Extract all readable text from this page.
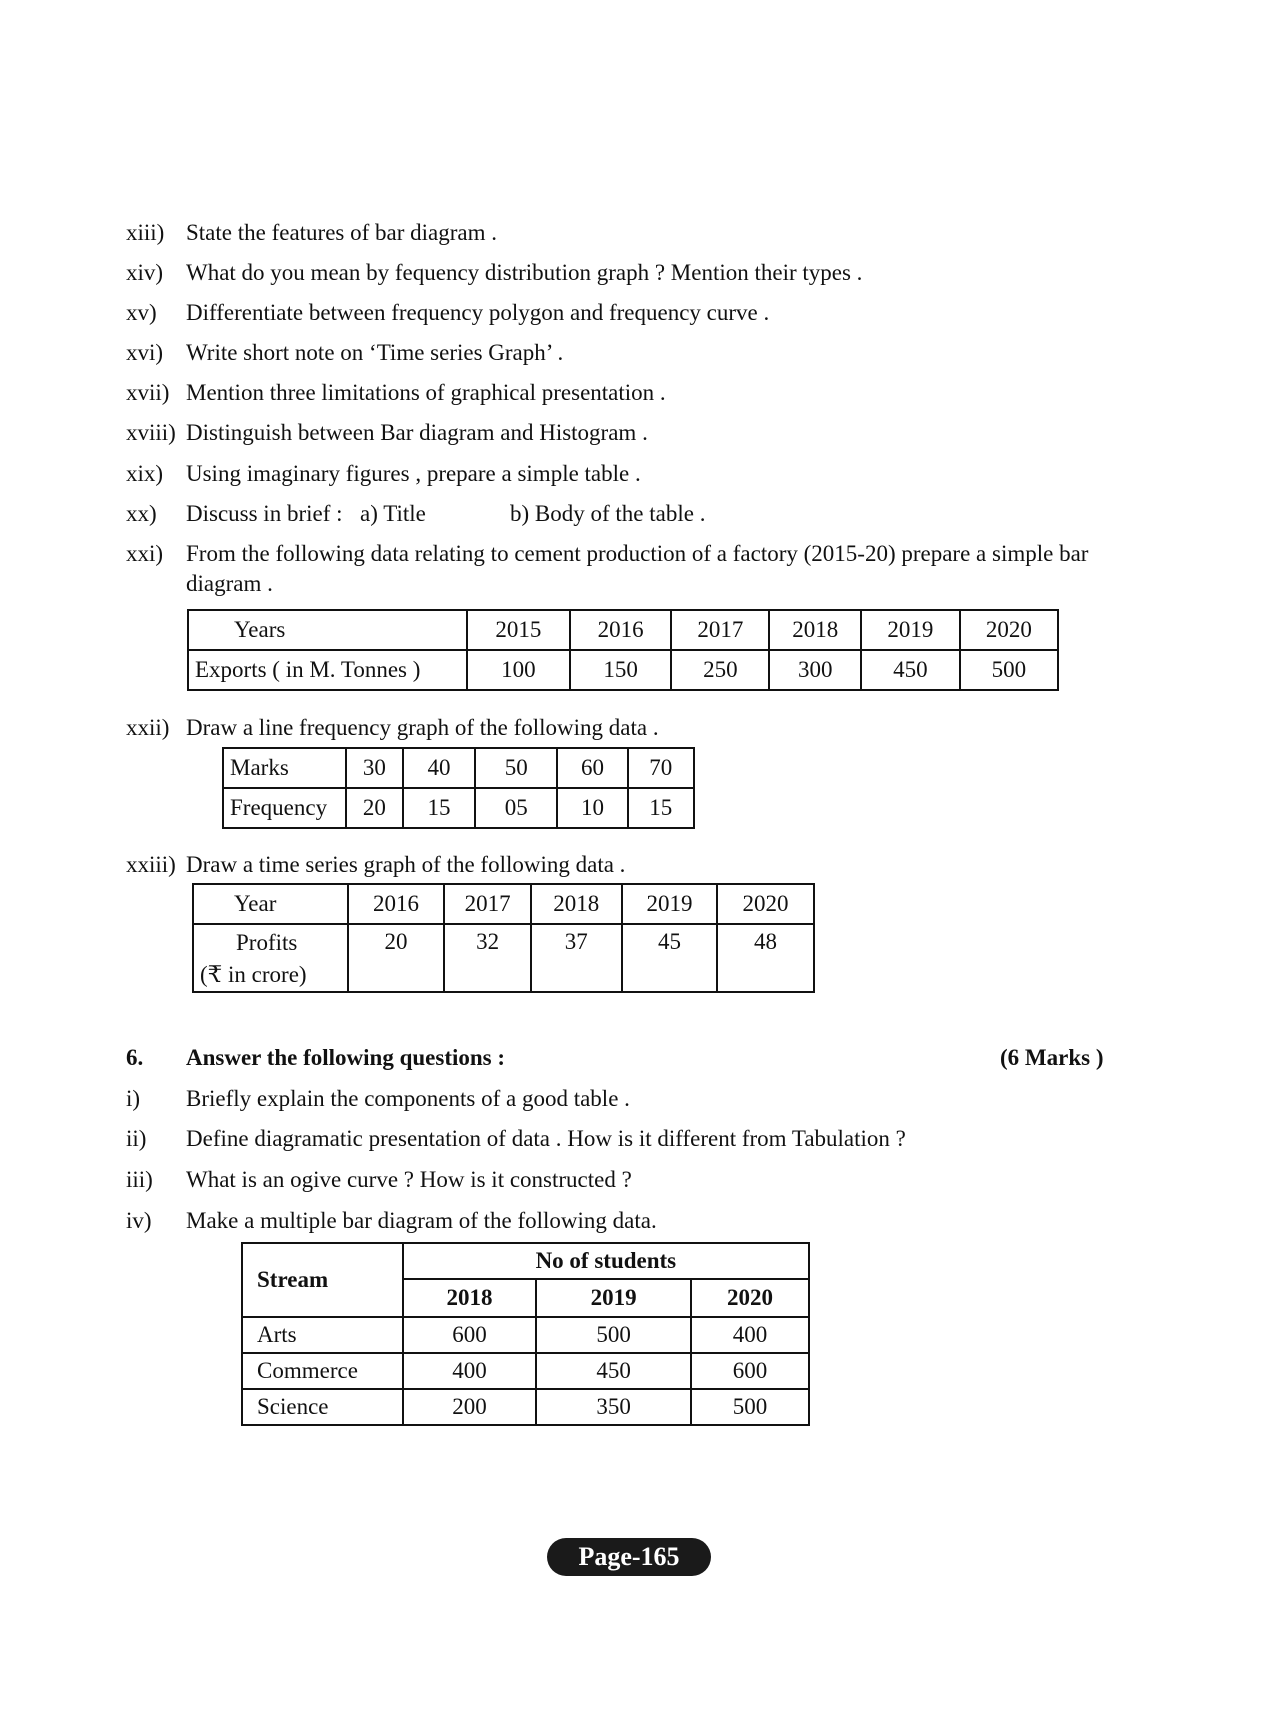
xiii) State the features of bar diagram .
xiv) What do you mean by fequency distribution graph ? Mention their types .
xv) Differentiate between frequency polygon and frequency curve .
xvi) Write short note on ‘Time series Graph’ .
xvii) Mention three limitations of graphical presentation .
xviii) Distinguish between Bar diagram and Histogram .
xix) Using imaginary figures , prepare a simple table .
xx) Discuss in brief : a) Title	b) Body of the table .
xxi) From the following data relating to cement production of a factory (2015-20) prepare a simple bar
diagram .
Years	2015	2016	2017	2018	2019	2020
Exports ( in M. Tonnes )	100	150	250	300	450	500
xxii) Draw a line frequency graph of the following data .
Marks	30	40	50	60	70
Frequency	20	15	05	10	15
xxiii) Draw a time series graph of the following data .
Year	2016	2017	2018	2019	2020

Profits
(₹ in crore)	20	32	37	45	48
6. Answer the following questions :	(6 Marks )
i) Briefly explain the components of a good table .
ii) Define diagramatic presentation of data . How is it different from Tabulation ?
iii) What is an ogive curve ? How is it constructed ?
iv) Make a multiple bar diagram of the following data.
Stream	No of students		
	2018	2019	2020
Arts	600	500	400
Commerce	400	450	600
Science	200	350	500
Page-165
